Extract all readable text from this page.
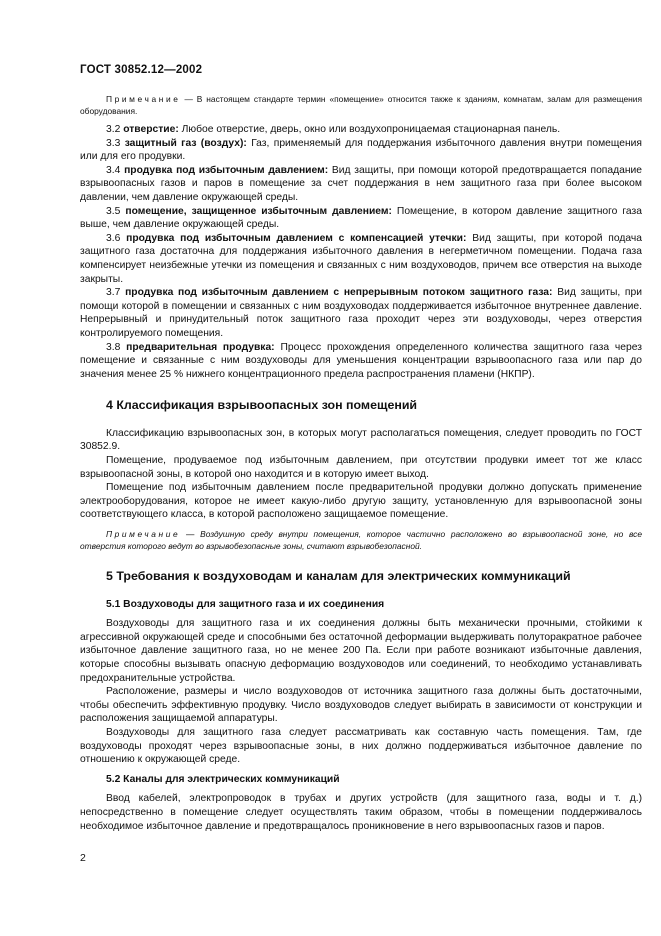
ГОСТ 30852.12—2002

Примечание — В настоящем стандарте термин «помещение» относится также к зданиям, комнатам, залам для размещения оборудования.

3.2 отверстие: Любое отверстие, дверь, окно или воздухопроницаемая стационарная панель.

3.3 защитный газ (воздух): Газ, применяемый для поддержания избыточного давления внутри помещения или для его продувки.

3.4 продувка под избыточным давлением: Вид защиты, при помощи которой предотвращается попадание взрывоопасных газов и паров в помещение за счет поддержания в нем защитного газа при более высоком давлении, чем давление окружающей среды.

3.5 помещение, защищенное избыточным давлением: Помещение, в котором давление защитного газа выше, чем давление окружающей среды.

3.6 продувка под избыточным давлением с компенсацией утечки: Вид защиты, при которой подача защитного газа достаточна для поддержания избыточного давления в негерметичном помещении. Подача газа компенсирует неизбежные утечки из помещения и связанных с ним воздуховодов, причем все отверстия на выходе закрыты.

3.7 продувка под избыточным давлением с непрерывным потоком защитного газа: Вид защиты, при помощи которой в помещении и связанных с ним воздуховодах поддерживается избыточное внутреннее давление. Непрерывный и принудительный поток защитного газа проходит через эти воздуховоды, через отверстия контролируемого помещения.

3.8 предварительная продувка: Процесс прохождения определенного количества защитного газа через помещение и связанные с ним воздуховоды для уменьшения концентрации взрывоопасного газа или пар до значения менее 25 % нижнего концентрационного предела распространения пламени (НКПР).

4 Классификация взрывоопасных зон помещений

Классификацию взрывоопасных зон, в которых могут располагаться помещения, следует проводить по ГОСТ 30852.9.

Помещение, продуваемое под избыточным давлением, при отсутствии продувки имеет тот же класс взрывоопасной зоны, в которой оно находится и в которую имеет выход.

Помещение под избыточным давлением после предварительной продувки должно допускать применение электрооборудования, которое не имеет какую-либо другую защиту, установленную для взрывоопасной зоны соответствующего класса, в которой расположено защищаемое помещение.

Примечание — Воздушную среду внутри помещения, которое частично расположено во взрывоопасной зоне, но все отверстия которого ведут во взрывобезопасные зоны, считают взрывобезопасной.

5 Требования к воздуховодам и каналам для электрических коммуникаций
5.1 Воздуховоды для защитного газа и их соединения

Воздуховоды для защитного газа и их соединения должны быть механически прочными, стойкими к агрессивной окружающей среде и способными без остаточной деформации выдерживать полуторакратное рабочее избыточное давление защитного газа, но не менее 200 Па. Если при работе возникают избыточные давления, которые способны вызывать опасную деформацию воздуховодов или соединений, то необходимо устанавливать предохранительные устройства.

Расположение, размеры и число воздуховодов от источника защитного газа должны быть достаточными, чтобы обеспечить эффективную продувку. Число воздуховодов следует выбирать в зависимости от конструкции и расположения защищаемой аппаратуры.

Воздуховоды для защитного газа следует рассматривать как составную часть помещения. Там, где воздуховоды проходят через взрывоопасные зоны, в них должно поддерживаться избыточное давление по отношению к окружающей среде.

5.2 Каналы для электрических коммуникаций

Ввод кабелей, электропроводок в трубах и других устройств (для защитного газа, воды и т. д.) непосредственно в помещение следует осуществлять таким образом, чтобы в помещении поддерживалось необходимое избыточное давление и предотвращалось проникновение в него взрывоопасных газов и паров.

2
